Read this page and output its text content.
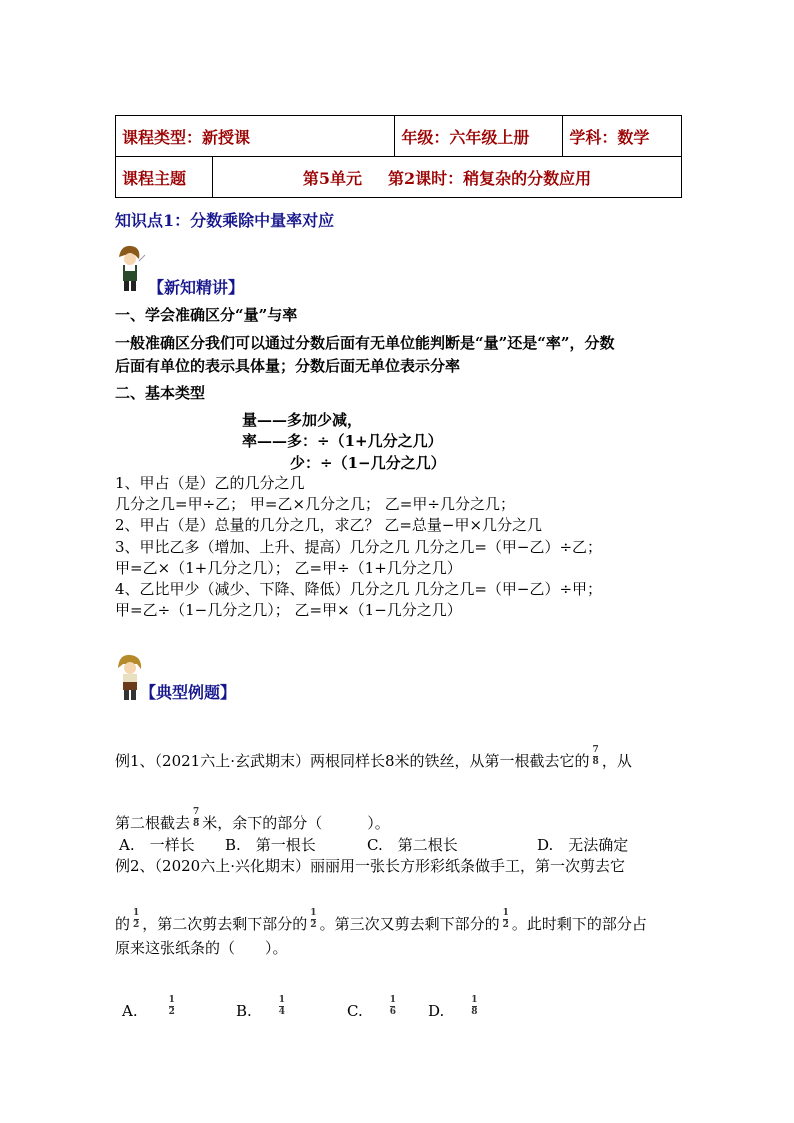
课程类型：新授课		年级：六年级上册	学科：数学
课程主题	第5单元 第2课时：稍复杂的分数应用		
知识点1：分数乘除中量率对应
【新知精讲】
一、学会准确区分“量”与率
一般准确区分我们可以通过分数后面有无单位能判断是“量”还是“率”，分数
后面有单位的表示具体量；分数后面无单位表示分率
二、基本类型
量——多加少减，
率——多：÷（1+几分之几）
少：÷（1−几分之几）
1、甲占（是）乙的几分之几
几分之几=甲÷乙； 甲=乙×几分之几； 乙=甲÷几分之几；
2、甲占（是）总量的几分之几，求乙？ 乙=总量−甲×几分之几
3、甲比乙多（增加、上升、提高）几分之几 几分之几=（甲−乙）÷乙；
甲=乙×（1+几分之几）； 乙=甲÷（1+几分之几）
4、乙比甲少（减少、下降、降低）几分之几 几分之几=（甲−乙）÷甲；
甲=乙÷（1−几分之几）； 乙=甲×（1−几分之几）
【典型例题】
例1、（2021六上·玄武期末）两根同样长8米的铁丝，从第一根截去它的 $\frac{7}{8}$ ，从
第二根截去 $\frac{7}{8}$ 米，余下的部分（　　　）。
A.　一样长 B.　第一根长	C.　第二根长	D.　无法确定
例2、（2020六上·兴化期末）丽丽用一张长方形彩纸条做手工，第一次剪去它
的 $\frac{1}{2}$ ，第二次剪去剩下部分的 $\frac{1}{2}$ 。第三次又剪去剩下部分的 $\frac{1}{2}$ 。此时剩下的部分占
原来这张纸条的（　　）。
A.	$\frac{1}{2}$	B.	$\frac{1}{4}$	C.	$\frac{1}{6} D$.	$\frac{1}{8}$
